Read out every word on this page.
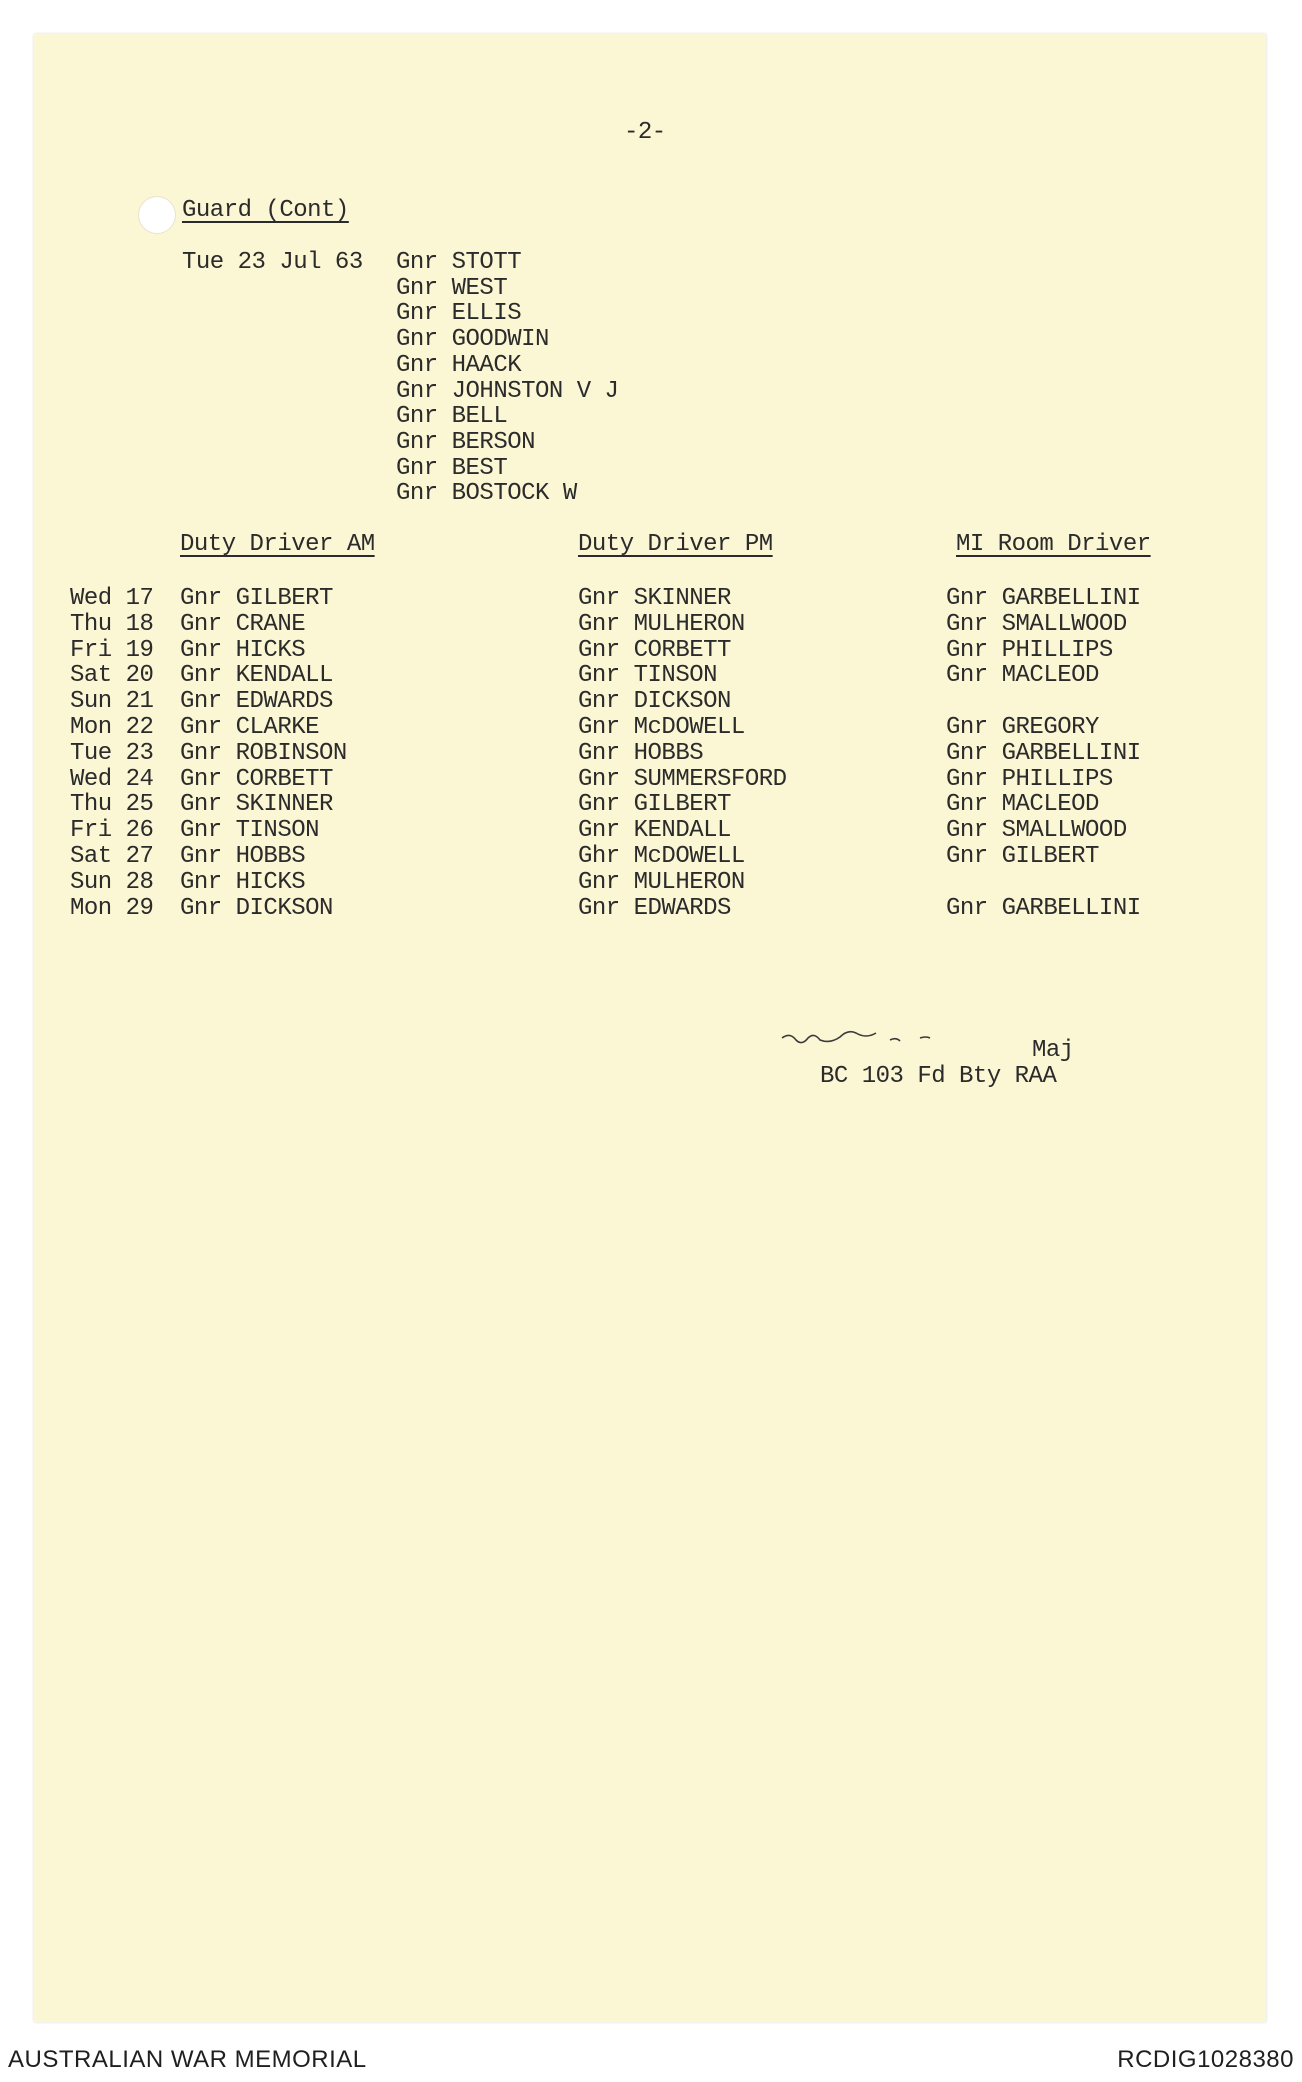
-2-
Guard (Cont)
Tue 23 Jul 63 Gnr STOTT
Gnr WEST
Gnr ELLIS
Gnr GOODWIN
Gnr HAACK
Gnr JOHNSTON V J
Gnr BELL
Gnr BERSON
Gnr BEST
Gnr BOSTOCK W
Duty Driver AM	Duty Driver PM	MI Room Driver
Wed 17 Gnr GILBERT	Gnr SKINNER	Gnr GARBELLINI
Thu 18 Gnr CRANE	Gnr MULHERON	Gnr SMALLWOOD
Fri 19 Gnr HICKS	Gnr CORBETT	Gnr PHILLIPS
Sat 20 Gnr KENDALL	Gnr TINSON	Gnr MACLEOD
Sun 21 Gnr EDWARDS	Gnr DICKSON
Mon 22 Gnr CLARKE	Gnr McDOWELL	Gnr GREGORY
Tue 23 Gnr ROBINSON	Gnr HOBBS	Gnr GARBELLINI
Wed 24 Gnr CORBETT	Gnr SUMMERSFORD	Gnr PHILLIPS
Thu 25 Gnr SKINNER	Gnr GILBERT	Gnr MACLEOD
Fri 26 Gnr TINSON	Gnr KENDALL	Gnr SMALLWOOD
Sat 27 Gnr HOBBS	Ghr McDOWELL	Gnr GILBERT
Sun 28 Gnr HICKS	Gnr MULHERON
Mon 29 Gnr DICKSON	Gnr EDWARDS	Gnr GARBELLINI
Maj
BC 103 Fd Bty RAA
AUSTRALIAN WAR MEMORIAL	RCDIG1028380
